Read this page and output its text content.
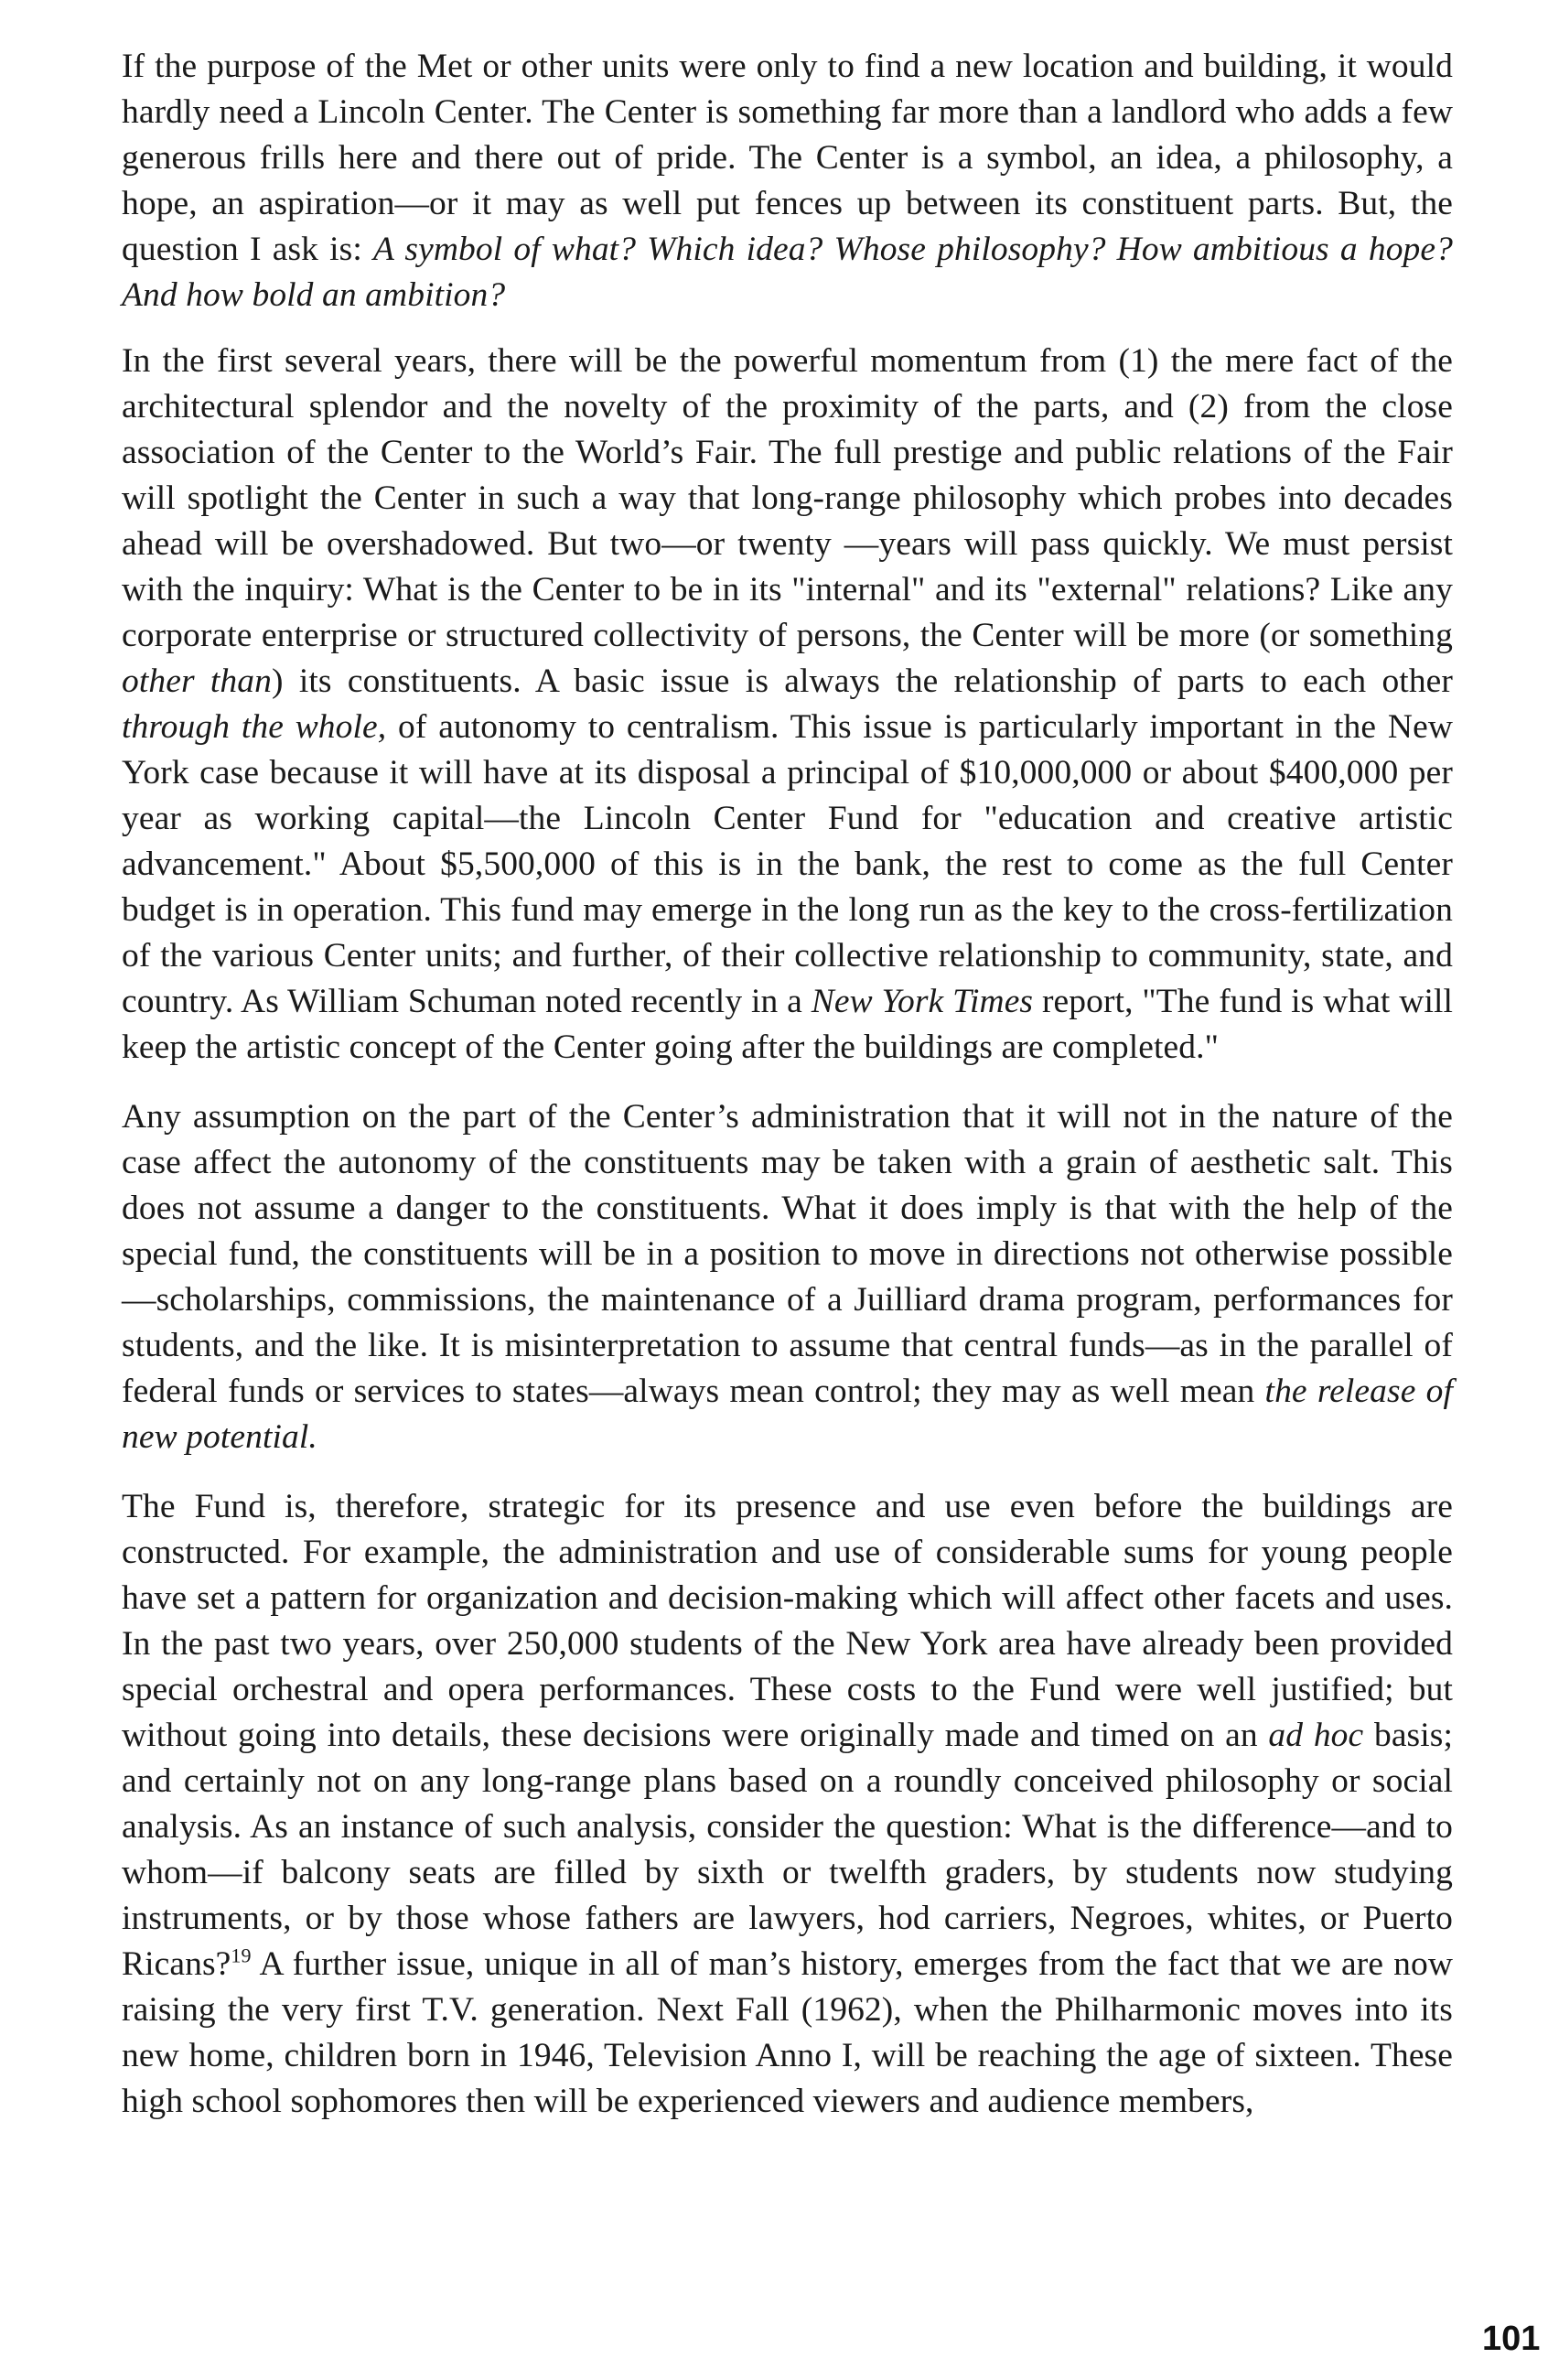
If the purpose of the Met or other units were only to find a new location and building, it would hardly need a Lincoln Center. The Center is something far more than a landlord who adds a few generous frills here and there out of pride. The Center is a symbol, an idea, a philosophy, a hope, an aspiration—or it may as well put fences up between its constituent parts. But, the question I ask is: A symbol of what? Which idea? Whose philosophy? How ambitious a hope? And how bold an ambition?

In the first several years, there will be the powerful momentum from (1) the mere fact of the architectural splendor and the novelty of the proximity of the parts, and (2) from the close association of the Center to the World’s Fair. The full prestige and public relations of the Fair will spotlight the Center in such a way that long-range philosophy which probes into decades ahead will be overshadowed. But two—or twenty —years will pass quickly. We must persist with the inquiry: What is the Center to be in its "internal" and its "external" relations? Like any corporate enterprise or structured collectivity of persons, the Center will be more (or something other than) its constituents. A basic issue is always the relationship of parts to each other through the whole, of autonomy to centralism. This issue is particularly important in the New York case because it will have at its disposal a principal of $10,000,000 or about $400,000 per year as working capital—the Lincoln Center Fund for "education and creative artistic advancement." About $5,500,000 of this is in the bank, the rest to come as the full Center budget is in operation. This fund may emerge in the long run as the key to the cross-fertilization of the various Center units; and further, of their collective relationship to community, state, and country. As William Schuman noted recently in a New York Times report, "The fund is what will keep the artistic concept of the Center going after the buildings are completed."

Any assumption on the part of the Center’s administration that it will not in the nature of the case affect the autonomy of the constituents may be taken with a grain of aesthetic salt. This does not assume a danger to the constituents. What it does imply is that with the help of the special fund, the constituents will be in a position to move in directions not otherwise possible—scholarships, commissions, the maintenance of a Juilliard drama program, performances for students, and the like. It is misinterpretation to assume that central funds—as in the parallel of federal funds or services to states—always mean control; they may as well mean the release of new potential.

The Fund is, therefore, strategic for its presence and use even before the buildings are constructed. For example, the administration and use of considerable sums for young people have set a pattern for organization and decision-making which will affect other facets and uses. In the past two years, over 250,000 students of the New York area have already been provided special orchestral and opera performances. These costs to the Fund were well justified; but without going into details, these decisions were originally made and timed on an ad hoc basis; and certainly not on any long-range plans based on a roundly conceived philosophy or social analysis. As an instance of such analysis, consider the question: What is the difference—and to whom—if balcony seats are filled by sixth or twelfth graders, by students now studying instruments, or by those whose fathers are lawyers, hod carriers, Negroes, whites, or Puerto Ricans?$^{19}$ A further issue, unique in all of man’s history, emerges from the fact that we are now raising the very first T.V. generation. Next Fall (1962), when the Philharmonic moves into its new home, children born in 1946, Television Anno I, will be reaching the age of sixteen. These high school sophomores then will be experienced viewers and audience members,

101
